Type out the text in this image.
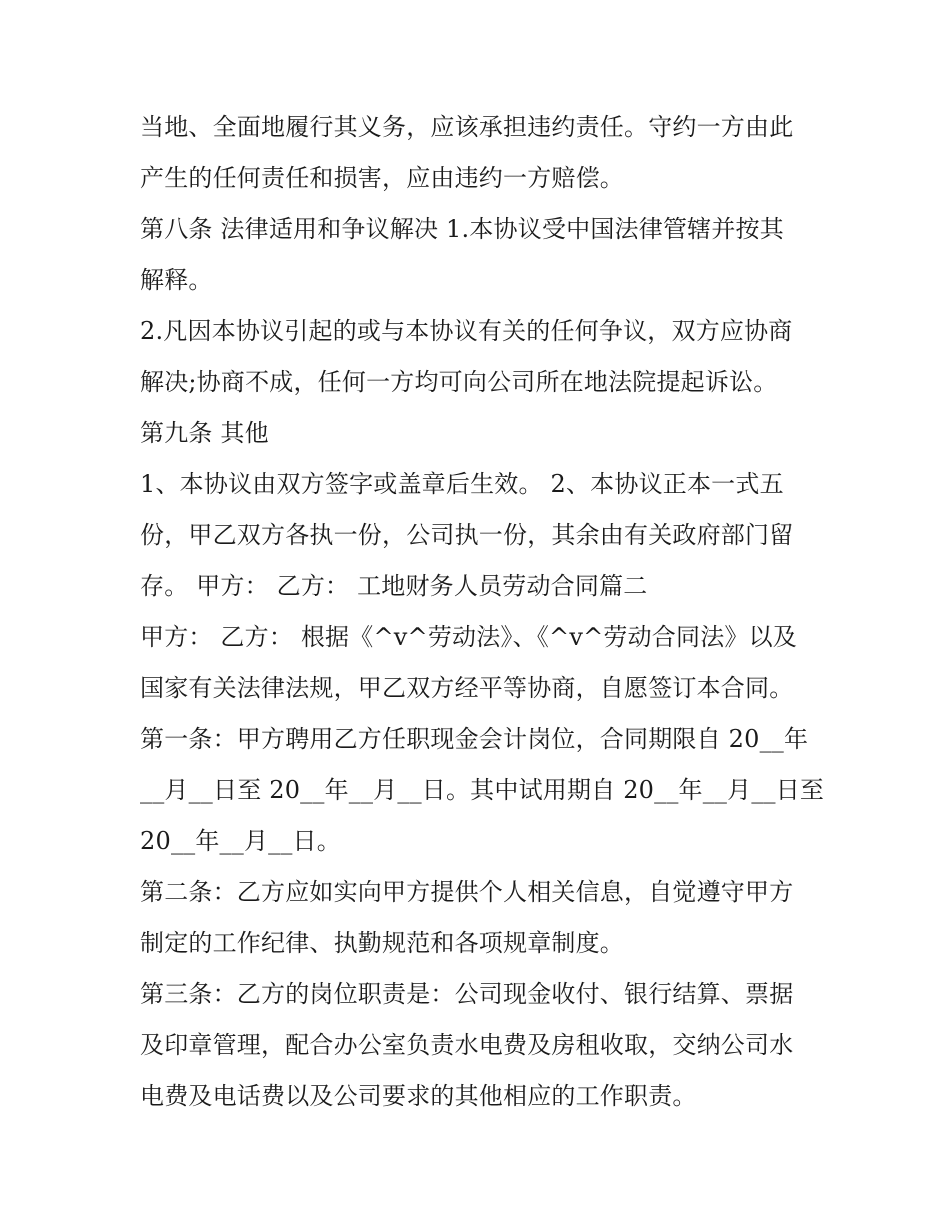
当地、全面地履行其义务，应该承担违约责任。守约一方由此
产生的任何责任和损害，应由违约一方赔偿。
第八条 法律适用和争议解决 1.本协议受中国法律管辖并按其
解释。
2.凡因本协议引起的或与本协议有关的任何争议，双方应协商
解决;协商不成，任何一方均可向公司所在地法院提起诉讼。
第九条 其他
1、本协议由双方签字或盖章后生效。 2、本协议正本一式五
份，甲乙双方各执一份，公司执一份，其余由有关政府部门留
存。 甲方： 乙方： 工地财务人员劳动合同篇二
甲方： 乙方： 根据《^v^劳动法》、《^v^劳动合同法》以及
国家有关法律法规，甲乙双方经平等协商，自愿签订本合同。
第一条：甲方聘用乙方任职现金会计岗位，合同期限自 20__年
__月__日至 20__年__月__日。其中试用期自 20__年__月__日至
20__年__月__日。
第二条：乙方应如实向甲方提供个人相关信息，自觉遵守甲方
制定的工作纪律、执勤规范和各项规章制度。
第三条：乙方的岗位职责是：公司现金收付、银行结算、票据
及印章管理，配合办公室负责水电费及房租收取，交纳公司水
电费及电话费以及公司要求的其他相应的工作职责。
